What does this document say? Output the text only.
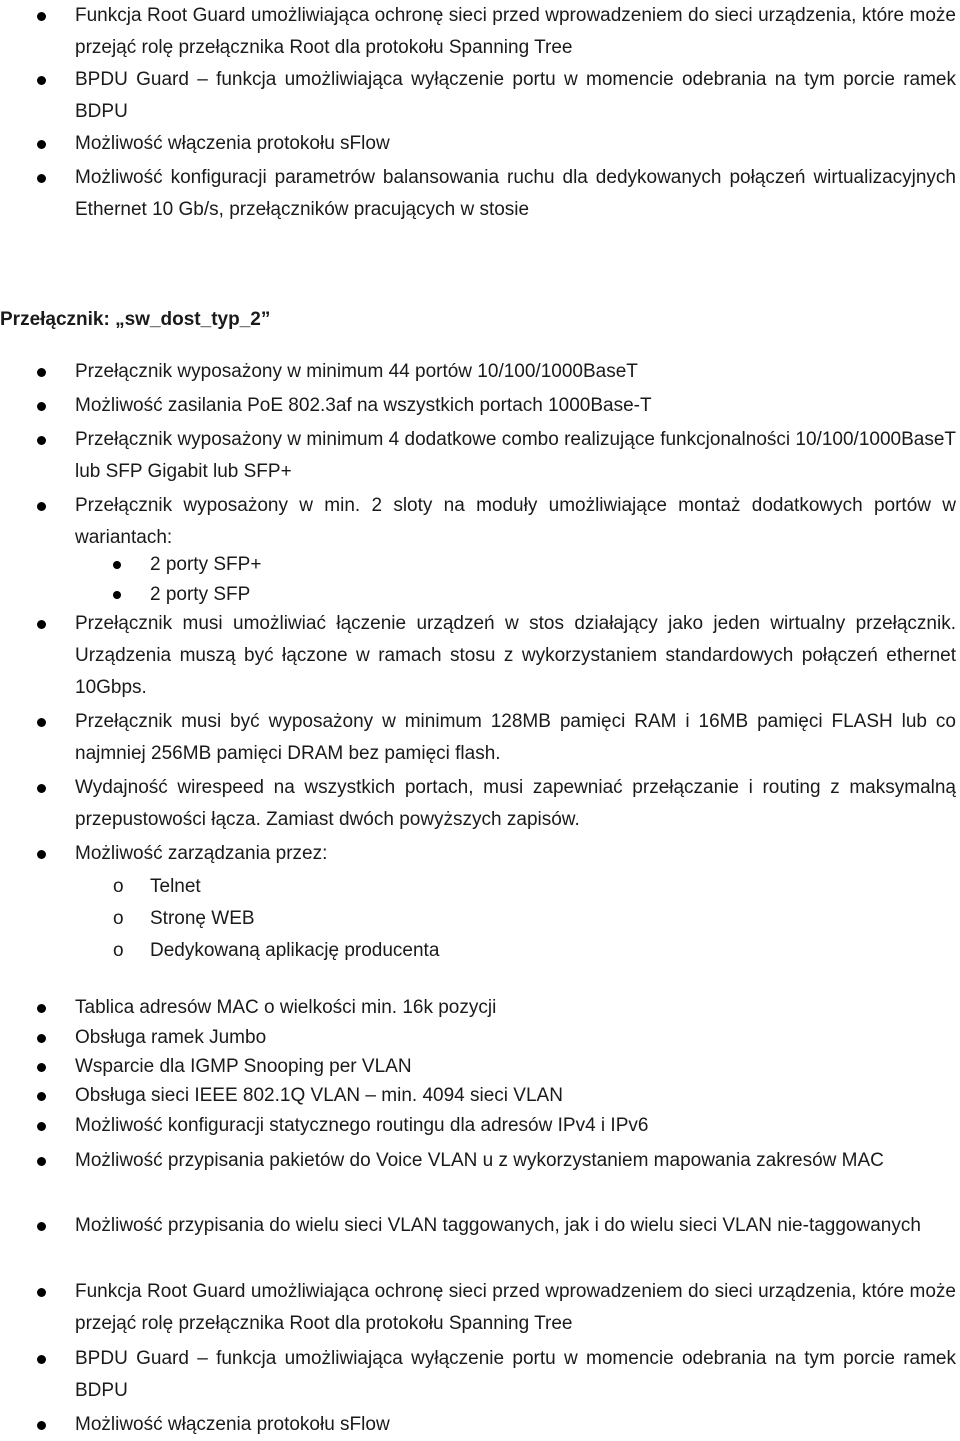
Funkcja Root Guard umożliwiająca ochronę sieci przed wprowadzeniem do sieci urządzenia, które może przejąć rolę przełącznika Root dla protokołu Spanning Tree
BPDU Guard – funkcja umożliwiająca wyłączenie portu w momencie odebrania na tym porcie ramek BDPU
Możliwość włączenia protokołu sFlow
Możliwość konfiguracji parametrów balansowania ruchu dla dedykowanych połączeń wirtualizacyjnych Ethernet 10 Gb/s, przełączników pracujących w stosie
Przełącznik: „sw_dost_typ_2”
Przełącznik wyposażony w minimum 44 portów 10/100/1000BaseT
Możliwość zasilania PoE 802.3af na wszystkich portach 1000Base-T
Przełącznik wyposażony w minimum 4 dodatkowe combo realizujące funkcjonalności 10/100/1000BaseT lub SFP Gigabit lub SFP+
Przełącznik wyposażony w min. 2 sloty na moduły umożliwiające montaż dodatkowych portów w wariantach:
2 porty SFP+
2 porty SFP
Przełącznik musi umożliwiać łączenie urządzeń w stos działający jako jeden wirtualny przełącznik. Urządzenia muszą być łączone w ramach stosu z wykorzystaniem standardowych połączeń ethernet 10Gbps.
Przełącznik musi być wyposażony w minimum 128MB pamięci RAM i 16MB pamięci FLASH lub co najmniej 256MB pamięci DRAM bez pamięci flash.
Wydajność wirespeed na wszystkich portach, musi zapewniać przełączanie i routing z maksymalną przepustowości łącza. Zamiast dwóch powyższych zapisów.
Możliwość zarządzania przez:
o Telnet
o Stronę WEB
o Dedykowaną aplikację producenta
Tablica adresów MAC o wielkości min. 16k pozycji
Obsługa ramek Jumbo
Wsparcie dla IGMP Snooping per VLAN
Obsługa sieci IEEE 802.1Q VLAN – min. 4094 sieci VLAN
Możliwość konfiguracji statycznego routingu dla adresów IPv4 i IPv6
Możliwość przypisania pakietów do Voice VLAN u z wykorzystaniem mapowania zakresów MAC
Możliwość przypisania do wielu sieci VLAN taggowanych, jak i do wielu sieci VLAN nie-taggowanych
Funkcja Root Guard umożliwiająca ochronę sieci przed wprowadzeniem do sieci urządzenia, które może przejąć rolę przełącznika Root dla protokołu Spanning Tree
BPDU Guard – funkcja umożliwiająca wyłączenie portu w momencie odebrania na tym porcie ramek BDPU
Możliwość włączenia protokołu sFlow
